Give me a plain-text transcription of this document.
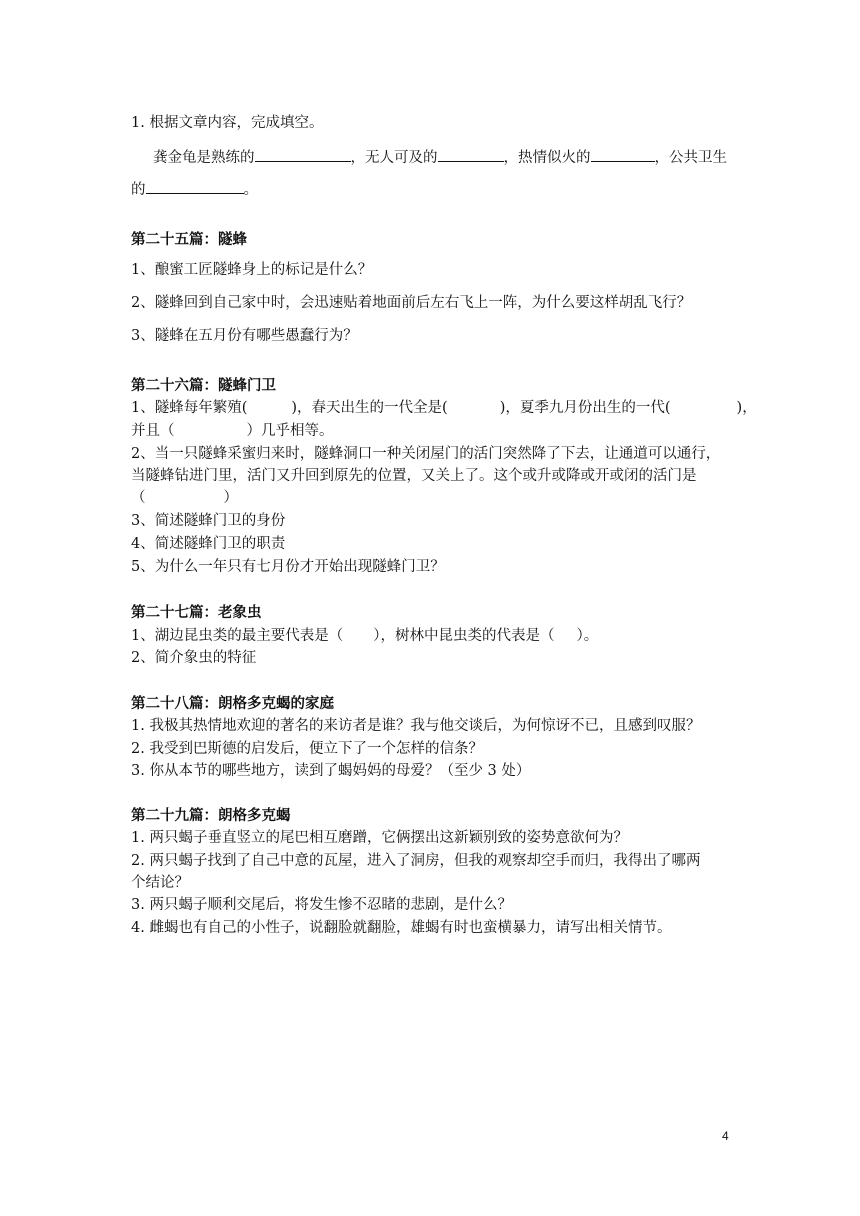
1. 根据文章内容，完成填空。
龚金龟是熟练的	，无人可及的	，热情似火的	，公共卫生
的	。
第二十五篇：隧蜂
1、酿蜜工匠隧蜂身上的标记是什么？
2、隧蜂回到自己家中时，会迅速贴着地面前后左右飞上一阵，为什么要这样胡乱飞行？
3、隧蜂在五月份有哪些愚蠢行为？
第二十六篇：隧蜂门卫
1、隧蜂每年繁殖(	)，春天出生的一代全是(	)，夏季九月份出生的一代(	)，
并且（	）几乎相等。
2、当一只隧蜂采蜜归来时，隧蜂洞口一种关闭屋门的活门突然降了下去，让通道可以通行，
当隧蜂钻进门里，活门又升回到原先的位置，又关上了。这个或升或降或开或闭的活门是
（	）
3、简述隧蜂门卫的身份
4、简述隧蜂门卫的职责
5、为什么一年只有七月份才开始出现隧蜂门卫？
第二十七篇：老象虫
1、湖边昆虫类的最主要代表是（ ），树林中昆虫类的代表是（ ）。
2、简介象虫的特征
第二十八篇：朗格多克蝎的家庭
1. 我极其热情地欢迎的著名的来访者是谁？我与他交谈后，为何惊讶不已，且感到叹服？
2. 我受到巴斯德的启发后，便立下了一个怎样的信条？
3. 你从本节的哪些地方，读到了蝎妈妈的母爱？（至少 3 处）
第二十九篇：朗格多克蝎
1. 两只蝎子垂直竖立的尾巴相互磨蹭，它俩摆出这新颖别致的姿势意欲何为？
2. 两只蝎子找到了自己中意的瓦屋，进入了洞房，但我的观察却空手而归，我得出了哪两
个结论？
3. 两只蝎子顺利交尾后，将发生惨不忍睹的悲剧，是什么？
4. 雌蝎也有自己的小性子，说翻脸就翻脸，雄蝎有时也蛮横暴力，请写出相关情节。
4
